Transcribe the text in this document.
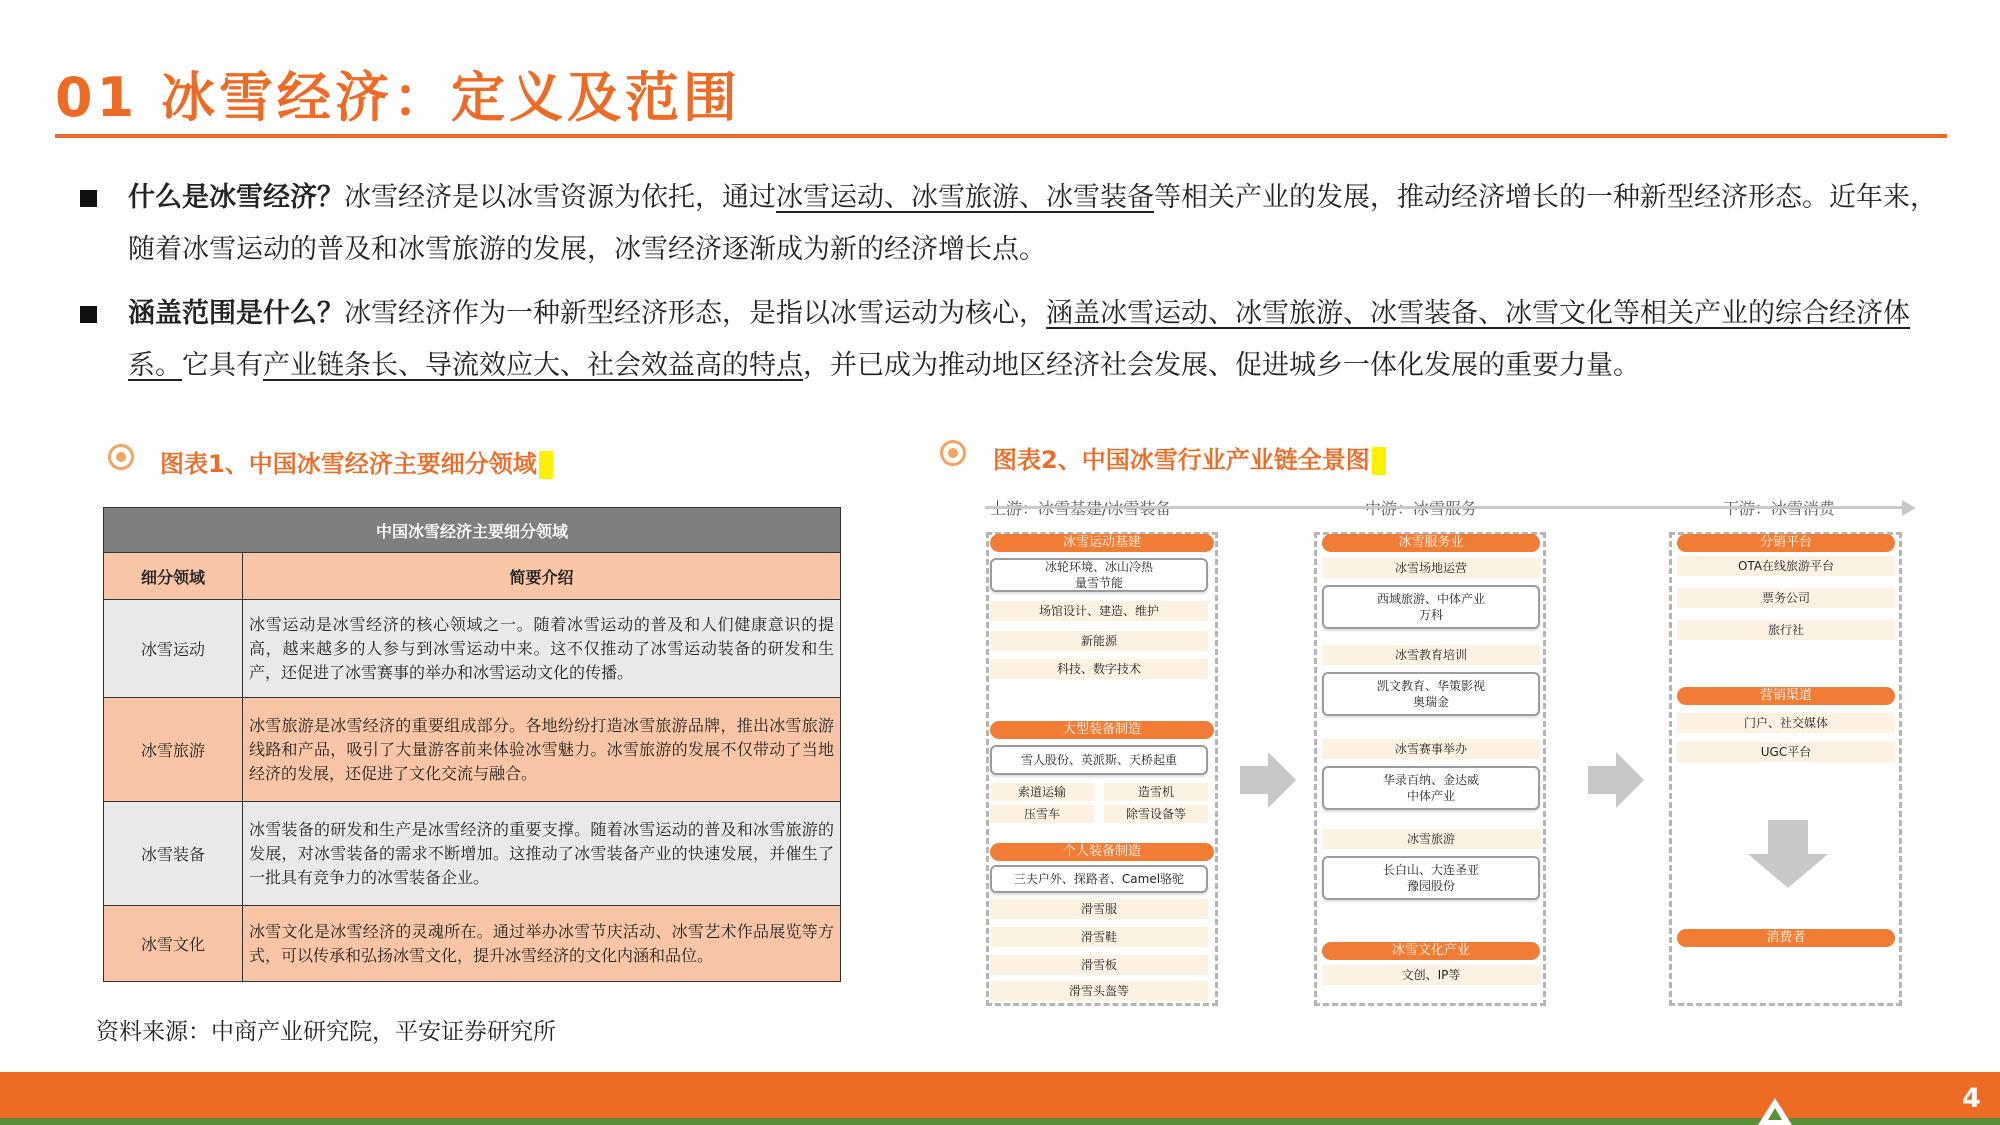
01 冰雪经济：定义及范围
什么是冰雪经济？冰雪经济是以冰雪资源为依托，通过冰雪运动、冰雪旅游、冰雪装备等相关产业的发展，推动经济增长的一种新型经济形态。近年来，随着冰雪运动的普及和冰雪旅游的发展，冰雪经济逐渐成为新的经济增长点。
涵盖范围是什么？冰雪经济作为一种新型经济形态，是指以冰雪运动为核心，涵盖冰雪运动、冰雪旅游、冰雪装备、冰雪文化等相关产业的综合经济体系。它具有产业链条长、导流效应大、社会效益高的特点，并已成为推动地区经济社会发展、促进城乡一体化发展的重要力量。
图表1、中国冰雪经济主要细分领域
中国冰雪经济主要细分领域	
细分领域	简要介绍
冰雪运动	冰雪运动是冰雪经济的核心领域之一。随着冰雪运动的普及和人们健康意识的提高，越来越多的人参与到冰雪运动中来。这不仅推动了冰雪运动装备的研发和生产，还促进了冰雪赛事的举办和冰雪运动文化的传播。
冰雪旅游	冰雪旅游是冰雪经济的重要组成部分。各地纷纷打造冰雪旅游品牌，推出冰雪旅游线路和产品，吸引了大量游客前来体验冰雪魅力。冰雪旅游的发展不仅带动了当地经济的发展，还促进了文化交流与融合。
冰雪装备	冰雪装备的研发和生产是冰雪经济的重要支撑。随着冰雪运动的普及和冰雪旅游的发展，对冰雪装备的需求不断增加。这推动了冰雪装备产业的快速发展，并催生了一批具有竞争力的冰雪装备企业。
冰雪文化	冰雪文化是冰雪经济的灵魂所在。通过举办冰雪节庆活动、冰雪艺术作品展览等方式，可以传承和弘扬冰雪文化，提升冰雪经济的文化内涵和品位。
资料来源：中商产业研究院，平安证券研究所
图表2、中国冰雪行业产业链全景图
冰雪运动基建
冰轮环境、冰山冷热
量雪节能
场馆设计、建造、维护
新能源
科技、数字技术
大型装备制造
雪人股份、英派斯、天桥起重
索道运输	造雪机
压雪车	除雪设备等
个人装备制造
三夫户外、探路者、Camel骆驼
滑雪服
滑雪鞋
滑雪板
滑雪头盔等
冰雪服务业
冰雪场地运营
西域旅游、中体产业
万科
冰雪教育培训
凯文教育、华策影视
奥瑞金
冰雪赛事举办
华录百纳、金达威
中体产业
冰雪旅游
长白山、大连圣亚
豫园股份
冰雪文化产业
文创、IP等
分销平台
OTA在线旅游平台
票务公司
旅行社
营销渠道
门户、社交媒体
UGC平台
消费者
4
